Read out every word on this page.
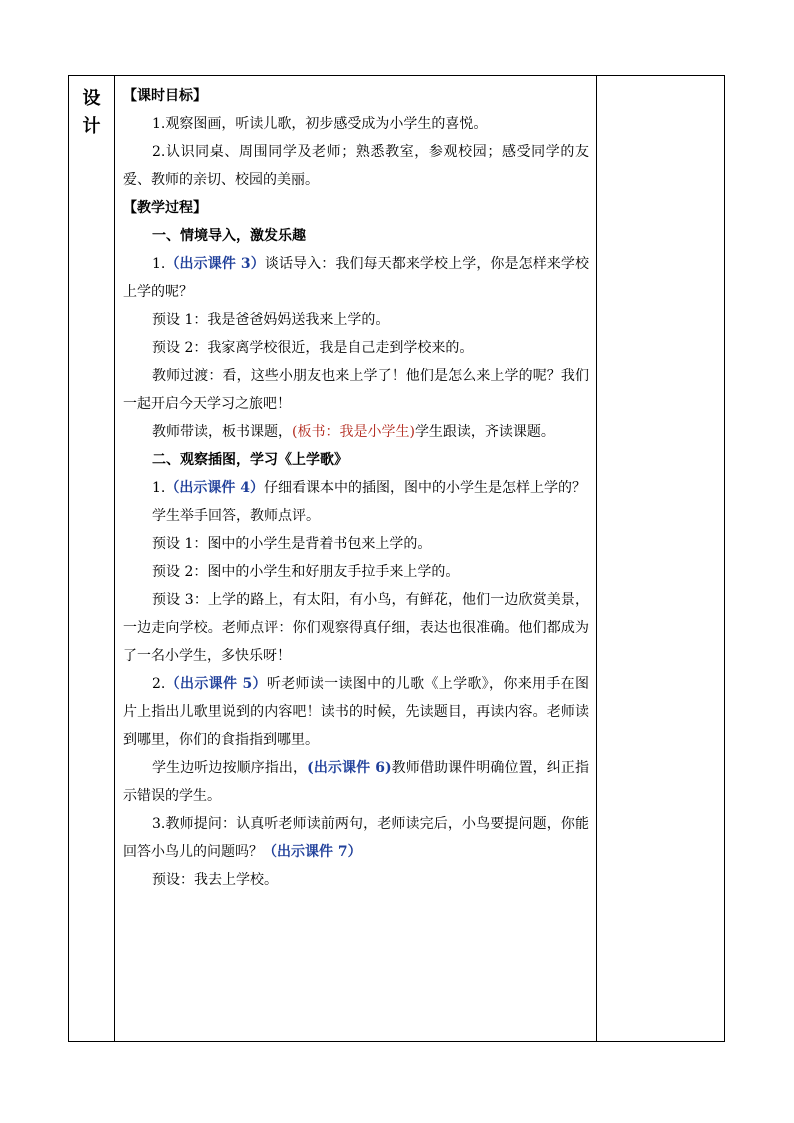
设
计

【课时目标】

1.观察图画，听读儿歌，初步感受成为小学生的喜悦。

2.认识同桌、周围同学及老师；熟悉教室，参观校园；感受同学的友爱、教师的亲切、校园的美丽。

【教学过程】

一、情境导入，激发乐趣

1.（出示课件 3）谈话导入：我们每天都来学校上学，你是怎样来学校上学的呢？

预设 1：我是爸爸妈妈送我来上学的。

预设 2：我家离学校很近，我是自己走到学校来的。

教师过渡：看，这些小朋友也来上学了！他们是怎么来上学的呢？我们一起开启今天学习之旅吧！

教师带读，板书课题，(板书：我是小学生)学生跟读，齐读课题。

二、观察插图，学习《上学歌》

1.（出示课件 4）仔细看课本中的插图，图中的小学生是怎样上学的？

学生举手回答，教师点评。

预设 1：图中的小学生是背着书包来上学的。

预设 2：图中的小学生和好朋友手拉手来上学的。

预设 3：上学的路上，有太阳，有小鸟，有鲜花，他们一边欣赏美景，一边走向学校。老师点评：你们观察得真仔细，表达也很准确。他们都成为了一名小学生，多快乐呀！

2.（出示课件 5）听老师读一读图中的儿歌《上学歌》，你来用手在图片上指出儿歌里说到的内容吧！读书的时候，先读题目，再读内容。老师读到哪里，你们的食指指到哪里。

学生边听边按顺序指出，(出示课件 6)教师借助课件明确位置，纠正指示错误的学生。

3.教师提问：认真听老师读前两句，老师读完后，小鸟要提问题，你能回答小鸟儿的问题吗？（出示课件 7）

预设：我去上学校。
